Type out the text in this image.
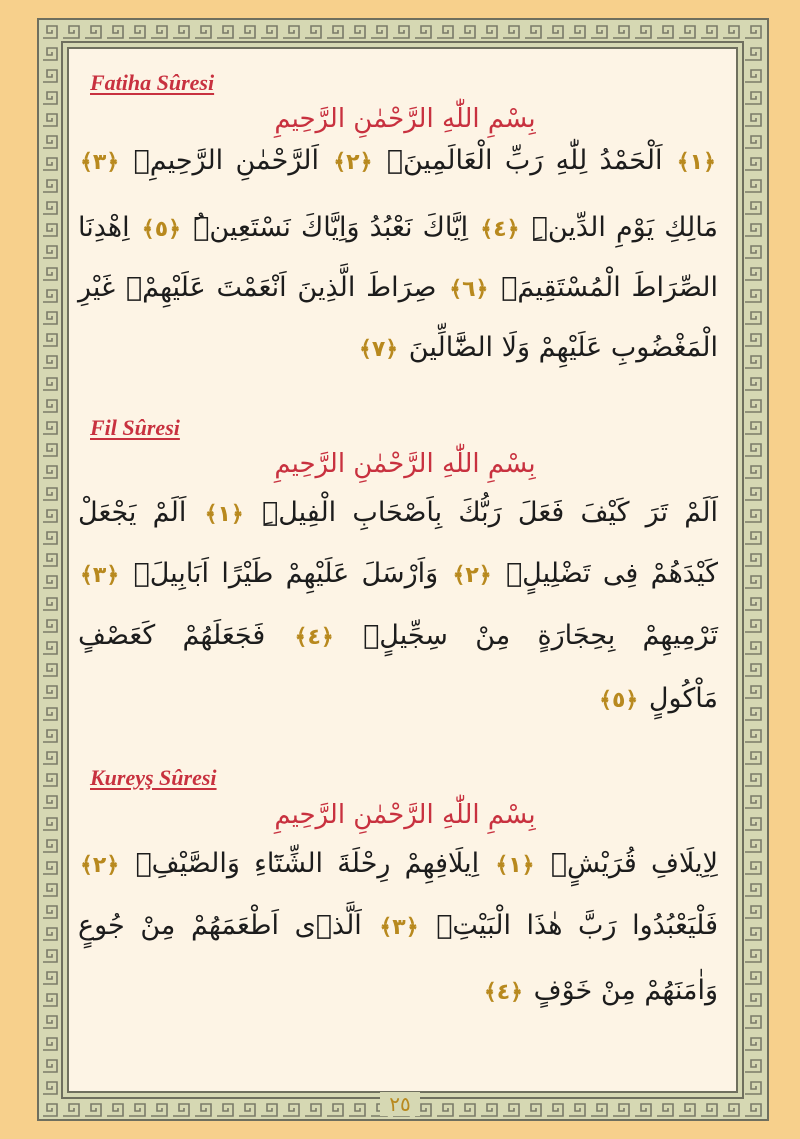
Fatiha Sûresi
بِسْمِ اللّٰهِ الرَّحْمٰنِ الرَّحِيمِ
﴿١﴾ اَلْحَمْدُ لِلّٰهِ رَبِّ الْعَالَمِينَۙ ﴿٢﴾ اَلرَّحْمٰنِ الرَّحِيمِۙ ﴿٣﴾
مَالِكِ يَوْمِ الدِّينِۜ ﴿٤﴾ اِيَّاكَ نَعْبُدُ وَاِيَّاكَ نَسْتَعِينُۜ ﴿٥﴾ اِهْدِنَا
الصِّرَاطَ الْمُسْتَقِيمَۙ ﴿٦﴾ صِرَاطَ الَّذِينَ اَنْعَمْتَ عَلَيْهِمْۙ غَيْرِ
الْمَغْضُوبِ عَلَيْهِمْ وَلَا الضَّٓالِّينَ ﴿٧﴾
Fil Sûresi
بِسْمِ اللّٰهِ الرَّحْمٰنِ الرَّحِيمِ
اَلَمْ تَرَ كَيْفَ فَعَلَ رَبُّكَ بِاَصْحَابِ الْفِيلِۜ ﴿١﴾ اَلَمْ يَجْعَلْ
كَيْدَهُمْ فِى تَضْلِيلٍۙ ﴿٢﴾ وَاَرْسَلَ عَلَيْهِمْ طَيْرًا اَبَابِيلَۙ ﴿٣﴾
تَرْمِيهِمْ بِحِجَارَةٍ مِنْ سِجِّيلٍۙ ﴿٤﴾ فَجَعَلَهُمْ كَعَصْفٍ
مَاْكُولٍ ﴿٥﴾
Kureyş Sûresi
بِسْمِ اللّٰهِ الرَّحْمٰنِ الرَّحِيمِ
لِاِيلَافِ قُرَيْشٍۙ ﴿١﴾ اِيلَافِهِمْ رِحْلَةَ الشِّتَٓاءِ وَالصَّيْفِۚ ﴿٢﴾
فَلْيَعْبُدُوا رَبَّ هٰذَا الْبَيْتِۙ ﴿٣﴾ اَلَّذٖى اَطْعَمَهُمْ مِنْ جُوعٍ
وَاٰمَنَهُمْ مِنْ خَوْفٍ ﴿٤﴾
٢٥
